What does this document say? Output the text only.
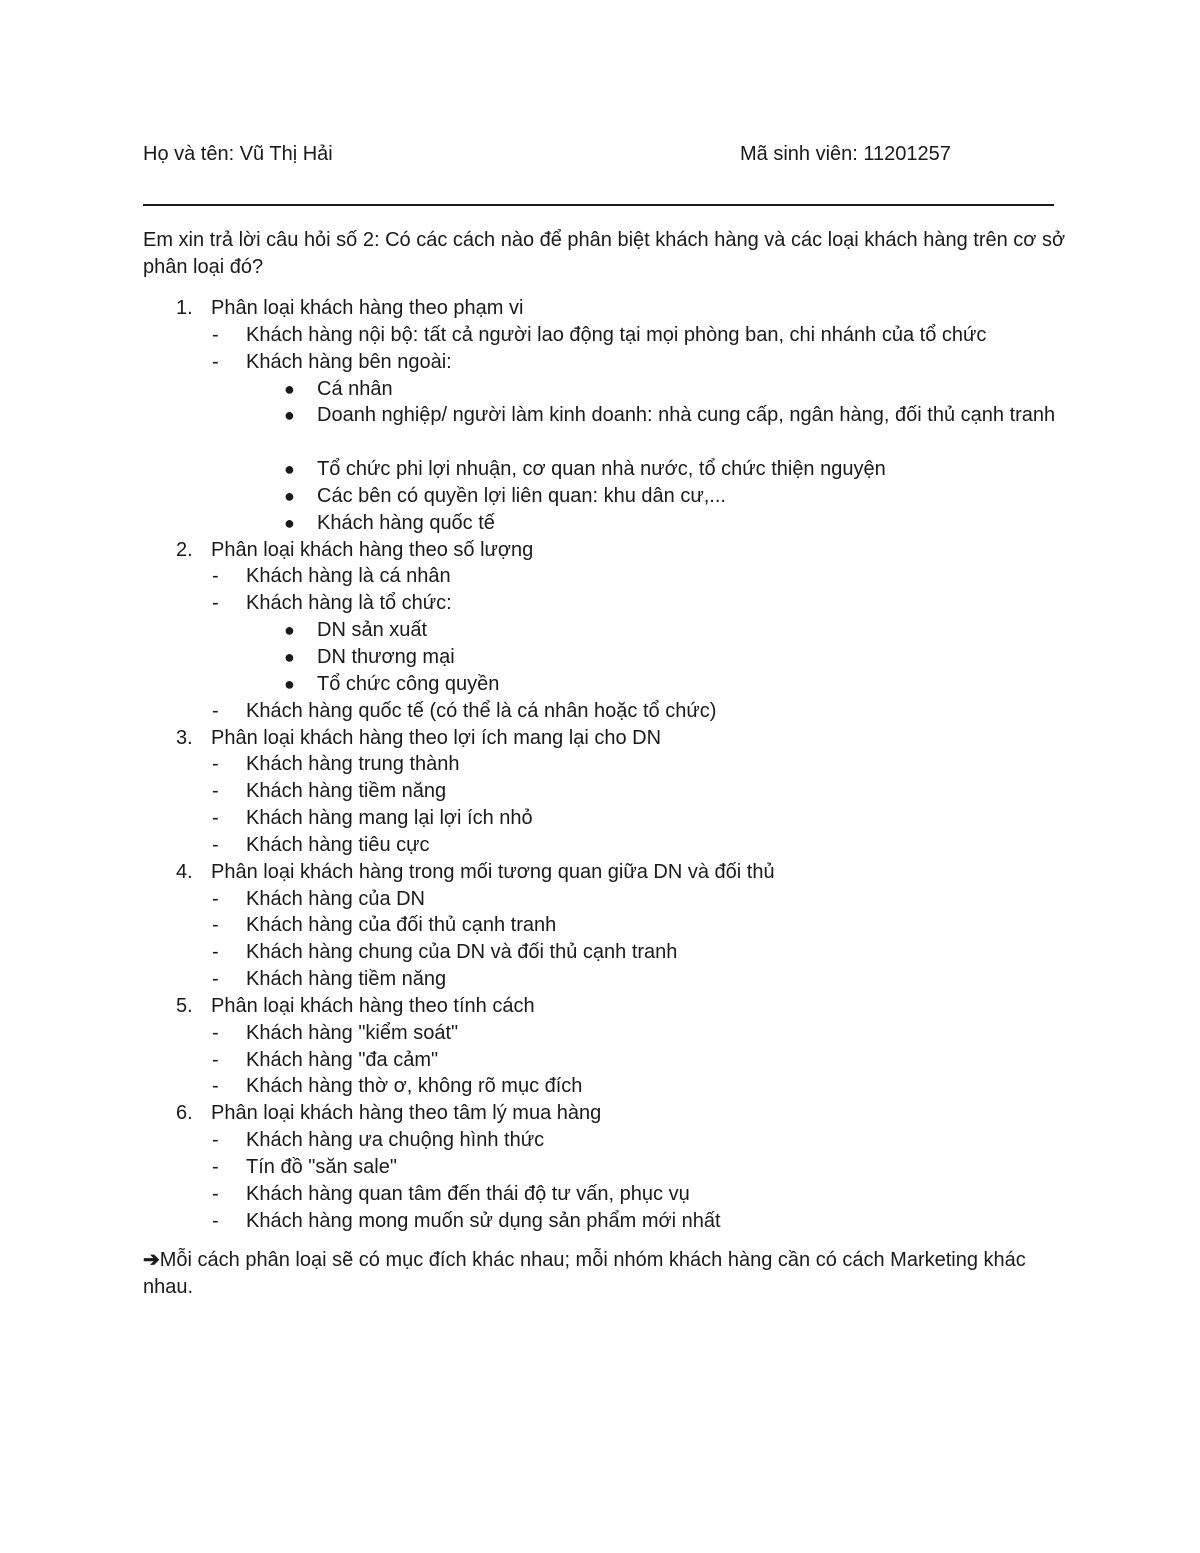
Họ và tên: Vũ Thị Hải	Mã sinh viên: 11201257
Em xin trả lời câu hỏi số 2: Có các cách nào để phân biệt khách hàng và các loại khách hàng trên cơ sở phân loại đó?
1. Phân loại khách hàng theo phạm vi
- Khách hàng nội bộ: tất cả người lao động tại mọi phòng ban, chi nhánh của tổ chức
- Khách hàng bên ngoài:
● Cá nhân
● Doanh nghiệp/ người làm kinh doanh: nhà cung cấp, ngân hàng, đối thủ cạnh tranh
● Tổ chức phi lợi nhuận, cơ quan nhà nước, tổ chức thiện nguyện
● Các bên có quyền lợi liên quan: khu dân cư,...
● Khách hàng quốc tế
2. Phân loại khách hàng theo số lượng
- Khách hàng là cá nhân
- Khách hàng là tổ chức:
● DN sản xuất
● DN thương mại
● Tổ chức công quyền
- Khách hàng quốc tế (có thể là cá nhân hoặc tổ chức)
3. Phân loại khách hàng theo lợi ích mang lại cho DN
- Khách hàng trung thành
- Khách hàng tiềm năng
- Khách hàng mang lại lợi ích nhỏ
- Khách hàng tiêu cực
4. Phân loại khách hàng trong mối tương quan giữa DN và đối thủ
- Khách hàng của DN
- Khách hàng của đối thủ cạnh tranh
- Khách hàng chung của DN và đối thủ cạnh tranh
- Khách hàng tiềm năng
5. Phân loại khách hàng theo tính cách
- Khách hàng "kiểm soát"
- Khách hàng "đa cảm"
- Khách hàng thờ ơ, không rõ mục đích
6. Phân loại khách hàng theo tâm lý mua hàng
- Khách hàng ưa chuộng hình thức
- Tín đồ "săn sale"
- Khách hàng quan tâm đến thái độ tư vấn, phục vụ
- Khách hàng mong muốn sử dụng sản phẩm mới nhất
➔Mỗi cách phân loại sẽ có mục đích khác nhau; mỗi nhóm khách hàng cần có cách Marketing khác nhau.
